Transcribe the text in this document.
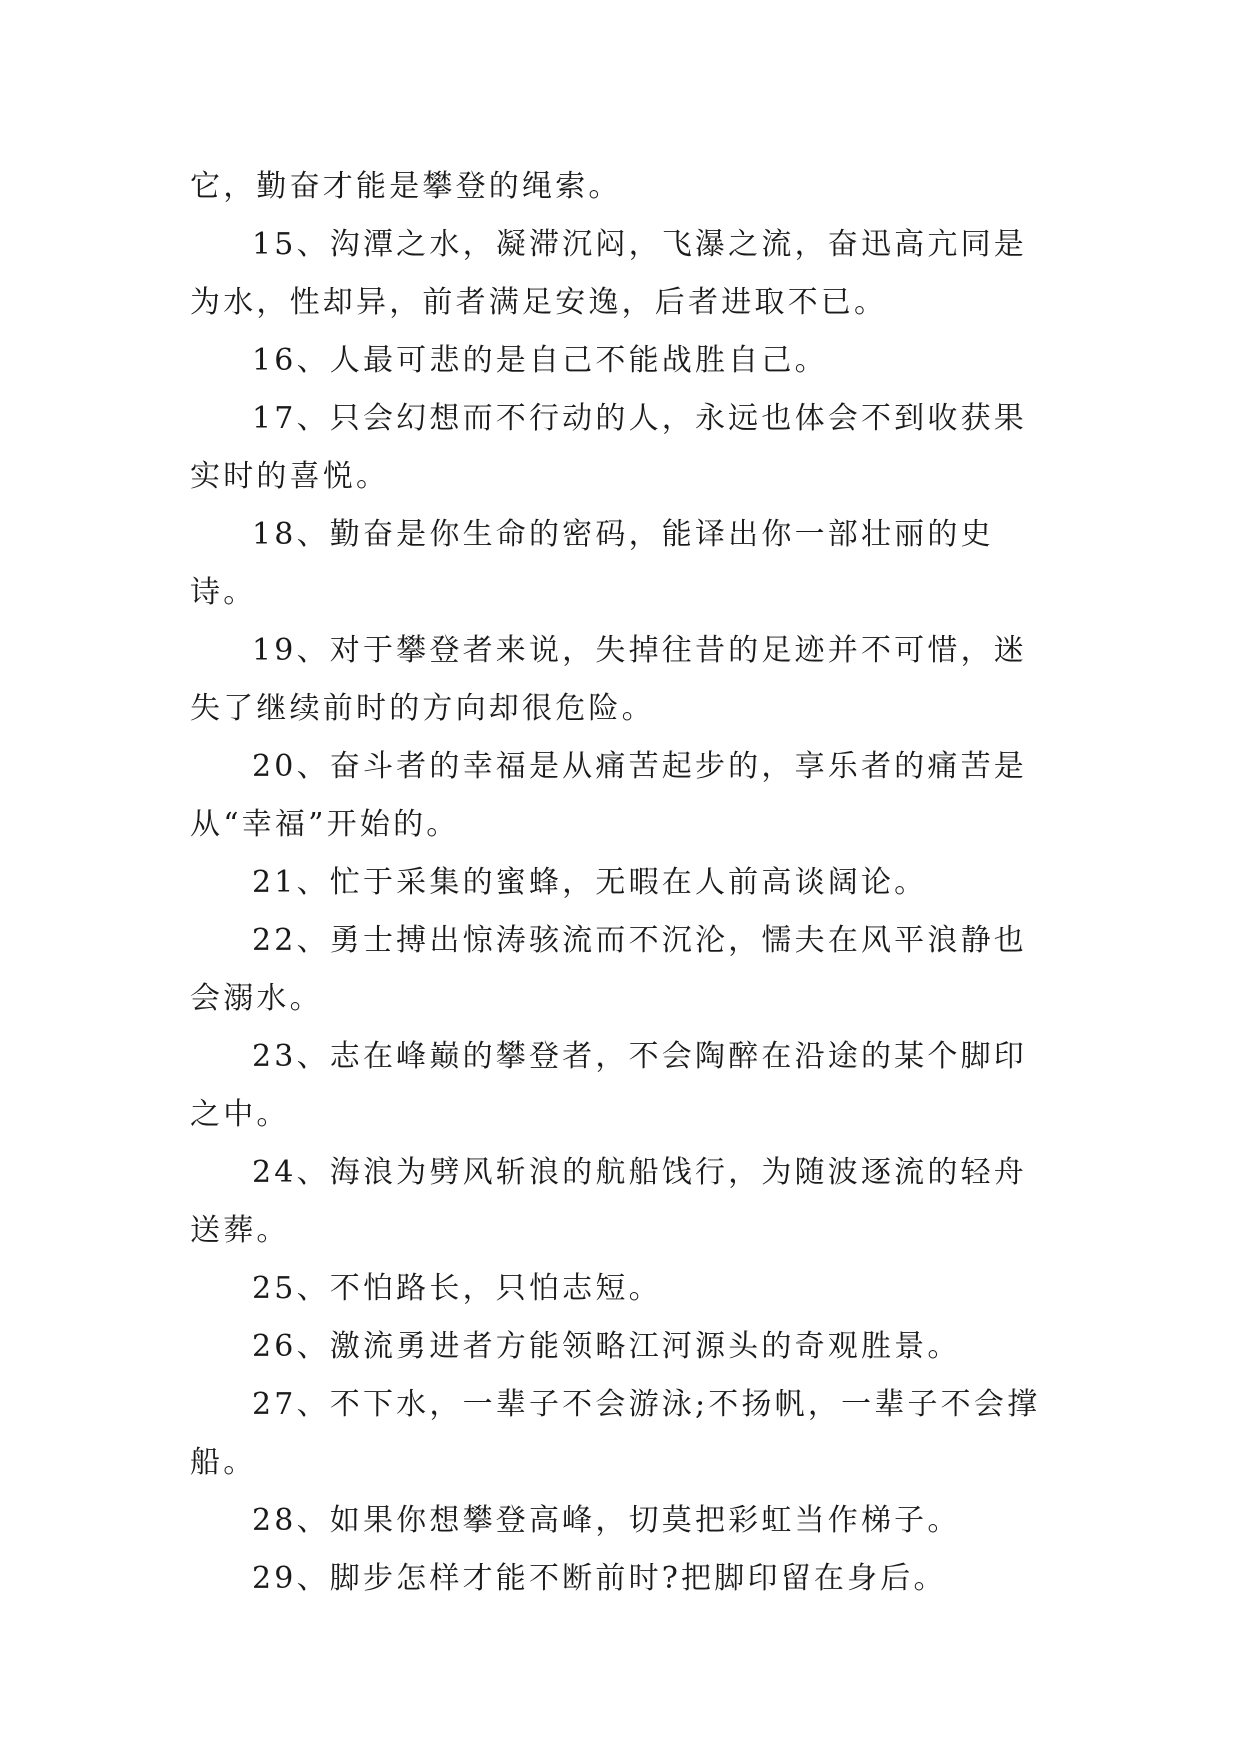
它，勤奋才能是攀登的绳索。

15、沟潭之水，凝滞沉闷，飞瀑之流，奋迅高亢同是为水，性却异，前者满足安逸，后者进取不已。

16、人最可悲的是自己不能战胜自己。

17、只会幻想而不行动的人，永远也体会不到收获果实时的喜悦。

18、勤奋是你生命的密码，能译出你一部壮丽的史诗。

19、对于攀登者来说，失掉往昔的足迹并不可惜，迷失了继续前时的方向却很危险。

20、奋斗者的幸福是从痛苦起步的，享乐者的痛苦是从“幸福”开始的。

21、忙于采集的蜜蜂，无暇在人前高谈阔论。

22、勇士搏出惊涛骇流而不沉沦，懦夫在风平浪静也会溺水。

23、志在峰巅的攀登者，不会陶醉在沿途的某个脚印之中。

24、海浪为劈风斩浪的航船饯行，为随波逐流的轻舟送葬。

25、不怕路长，只怕志短。

26、激流勇进者方能领略江河源头的奇观胜景。

27、不下水，一辈子不会游泳;不扬帆，一辈子不会撑船。

28、如果你想攀登高峰，切莫把彩虹当作梯子。

29、脚步怎样才能不断前时?把脚印留在身后。
